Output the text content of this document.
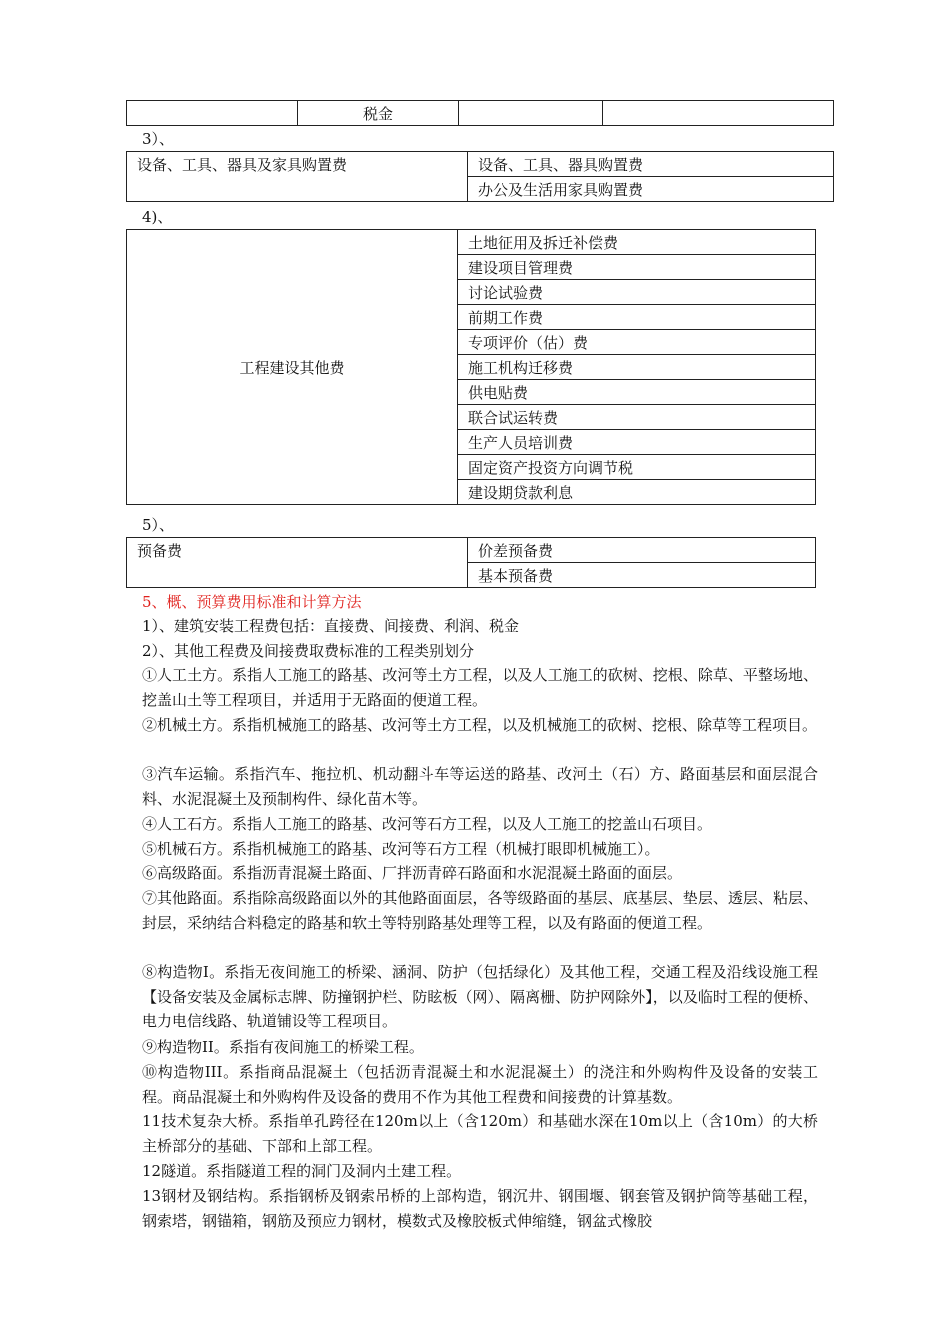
	税金		
3）、
设备、工具、器具及家具购置费	设备、工具、器具购置费
办公及生活用家具购置费
4)、
工程建设其他费	土地征用及拆迁补偿费
建设项目管理费
讨论试验费
前期工作费
专项评价（估）费
施工机构迁移费
供电贴费
联合试运转费
生产人员培训费
固定资产投资方向调节税
建设期贷款利息
5）、
预备费	价差预备费
基本预备费
5、概、预算费用标准和计算方法
1）、建筑安装工程费包括：直接费、间接费、利润、税金
2）、其他工程费及间接费取费标准的工程类别划分
①人工土方。系指人工施工的路基、改河等土方工程，以及人工施工的砍树、挖根、除草、平整场地、挖盖山土等工程项目，并适用于无路面的便道工程。
②机械土方。系指机械施工的路基、改河等土方工程，以及机械施工的砍树、挖根、除草等工程项目。
③汽车运输。系指汽车、拖拉机、机动翻斗车等运送的路基、改河土（石）方、路面基层和面层混合料、水泥混凝土及预制构件、绿化苗木等。
④人工石方。系指人工施工的路基、改河等石方工程，以及人工施工的挖盖山石项目。
⑤机械石方。系指机械施工的路基、改河等石方工程（机械打眼即机械施工）。
⑥高级路面。系指沥青混凝土路面、厂拌沥青碎石路面和水泥混凝土路面的面层。
⑦其他路面。系指除高级路面以外的其他路面面层，各等级路面的基层、底基层、垫层、透层、粘层、封层，采纳结合料稳定的路基和软土等特别路基处理等工程，以及有路面的便道工程。
⑧构造物I。系指无夜间施工的桥梁、涵洞、防护（包括绿化）及其他工程，交通工程及沿线设施工程【设备安装及金属标志牌、防撞钢护栏、防眩板（网）、隔离栅、防护网除外】，以及临时工程的便桥、电力电信线路、轨道铺设等工程项目。
⑨构造物II。系指有夜间施工的桥梁工程。
⑩构造物III。系指商品混凝土（包括沥青混凝土和水泥混凝土）的浇注和外购构件及设备的安装工程。商品混凝土和外购构件及设备的费用不作为其他工程费和间接费的计算基数。
11技术复杂大桥。系指单孔跨径在120m以上（含120m）和基础水深在10m以上（含10m）的大桥主桥部分的基础、下部和上部工程。
12隧道。系指隧道工程的洞门及洞内土建工程。
13钢材及钢结构。系指钢桥及钢索吊桥的上部构造，钢沉井、钢围堰、钢套管及钢护筒等基础工程，钢索塔，钢锚箱，钢筋及预应力钢材，模数式及橡胶板式伸缩缝，钢盆式橡胶
